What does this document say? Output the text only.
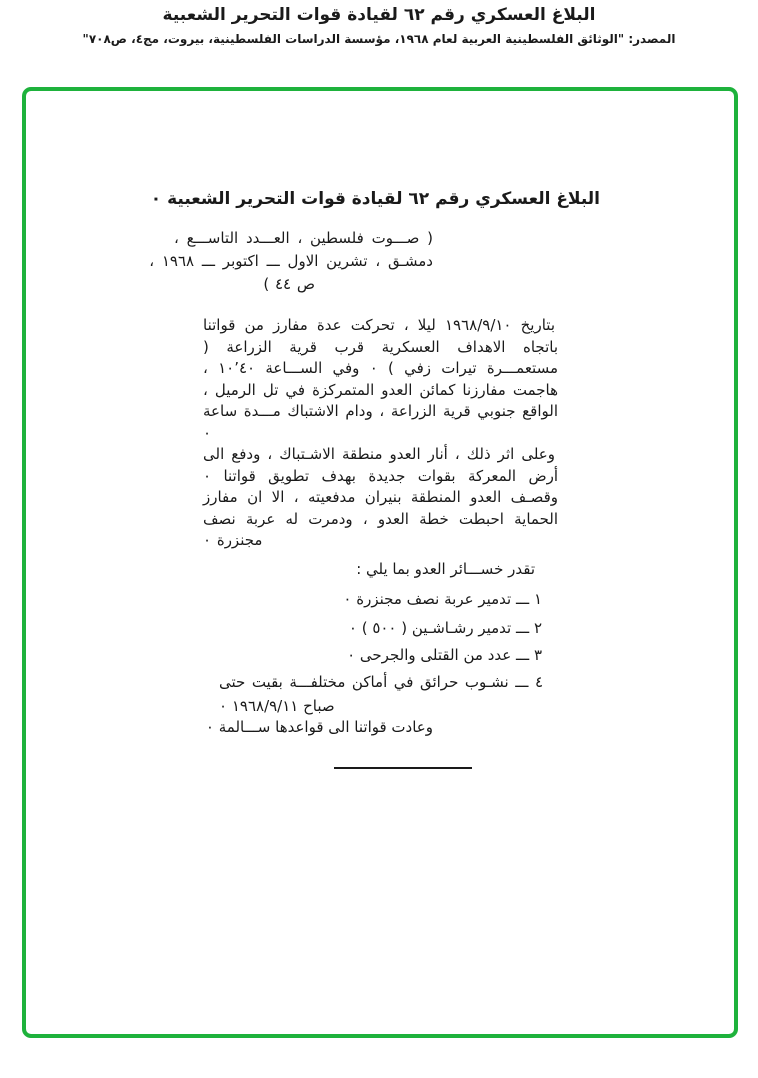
البلاغ العسكري رقم ٦٢ لقيادة قوات التحرير الشعبية
المصدر: "الوثائق الفلسطينية العربية لعام ١٩٦٨، مؤسسة الدراسات الفلسطينية، بيروت، مج٤، ص٧٠٨"
البلاغ العسكري رقم ٦٢ لقيادة قوات التحرير الشعبية ٠
( صـــوت فلسطين ، العـــدد التاســـع ،
دمشـق ، تشرين الاول ـــ اكتوبر ـــ ١٩٦٨ ،
ص ٤٤ )
بتاريخ ١٩٦٨/٩/١٠ ليلا ، تحركت عدة مفارز من قواتنا باتجاه الاهداف العسكرية قرب قرية الزراعة ( مستعمـــرة تيرات زفي ) ٠ وفي الســـاعة ١٠٬٤٠ ، هاجمت مفارزنا كمائن العدو المتمركزة في تل الرميل ، الواقع جنوبي قرية الزراعة ، ودام الاشتباك مـــدة ساعة ٠
وعلى اثر ذلك ، أنار العدو منطقة الاشـتباك ، ودفع الى أرض المعركة بقوات جديدة بهدف تطويق قواتنا ٠ وقصـف العدو المنطقة بنيران مدفعيته ، الا ان مفارز الحماية احبطت خطة العدو ، ودمرت له عربة نصف مجنزرة ٠
تقدر خســـائر العدو بما يلي :
١ ـــ تدمير عربة نصف مجنزرة ٠
٢ ـــ تدمير رشـاشـين ( ٥٠٠ ) ٠
٣ ـــ عدد من القتلى والجرحى ٠
٤ ـــ نشـوب حرائق في أماكن مختلفـــة بقيت حتى صباح ١٩٦٨/٩/١١ ٠
وعادت قواتنا الى قواعدها ســـالمة ٠
